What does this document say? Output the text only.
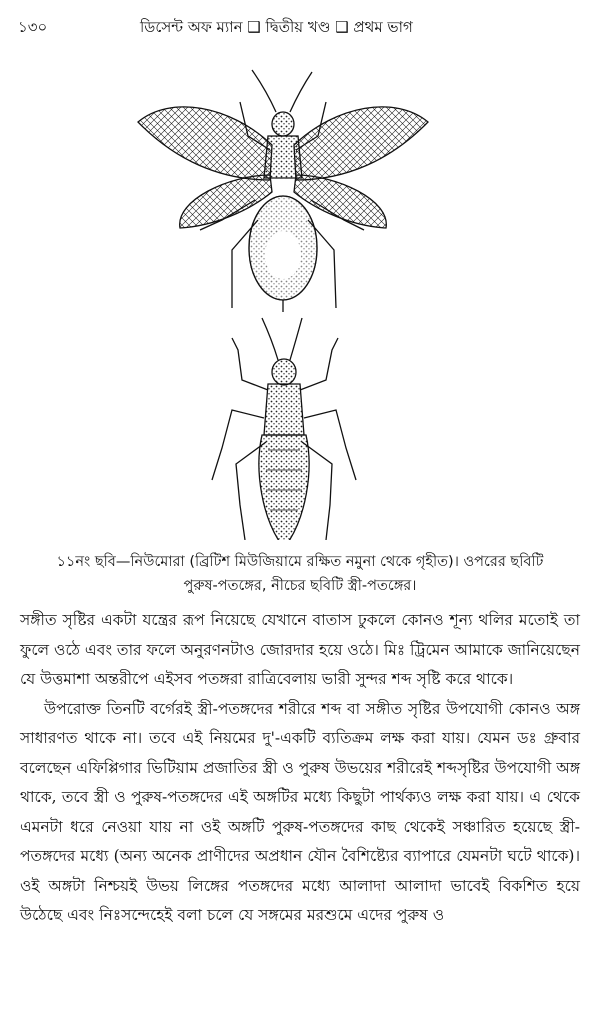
১৩০	ডিসেন্ট অফ ম্যান ❑ দ্বিতীয় খণ্ড ❑ প্রথম ভাগ
১১নং ছবি—নিউমোরা (ব্রিটিশ মিউজিয়ামে রক্ষিত নমুনা থেকে গৃহীত)। ওপরের ছবিটি
পুরুষ-পতঙ্গের, নীচের ছবিটি স্ত্রী-পতঙ্গের।

সঙ্গীত সৃষ্টির একটা যন্ত্রের রূপ নিয়েছে যেখানে বাতাস ঢুকলে কোনও শূন্য থলির মতোই তা ফুলে ওঠে এবং তার ফলে অনুরণনটাও জোরদার হয়ে ওঠে। মিঃ ট্রিমেন আমাকে জানিয়েছেন যে উত্তমাশা অন্তরীপে এইসব পতঙ্গরা রাত্রিবেলায় ভারী সুন্দর শব্দ সৃষ্টি করে থাকে।

উপরোক্ত তিনটি বর্গেরই স্ত্রী-পতঙ্গদের শরীরে শব্দ বা সঙ্গীত সৃষ্টির উপযোগী কোনও অঙ্গ সাধারণত থাকে না। তবে এই নিয়মের দু'-একটি ব্যতিক্রম লক্ষ করা যায়। যেমন ডঃ গ্রুবার বলেছেন এফিপ্পিগার ভিটিয়াম প্রজাতির স্ত্রী ও পুরুষ উভয়ের শরীরেই শব্দসৃষ্টির উপযোগী অঙ্গ থাকে, তবে স্ত্রী ও পুরুষ-পতঙ্গদের এই অঙ্গটির মধ্যে কিছুটা পার্থক্যও লক্ষ করা যায়। এ থেকে এমনটা ধরে নেওয়া যায় না ওই অঙ্গটি পুরুষ-পতঙ্গদের কাছ থেকেই সঞ্চারিত হয়েছে স্ত্রী-পতঙ্গদের মধ্যে (অন্য অনেক প্রাণীদের অপ্রধান যৌন বৈশিষ্ট্যের ব্যাপারে যেমনটা ঘটে থাকে)। ওই অঙ্গটা নিশ্চয়ই উভয় লিঙ্গের পতঙ্গদের মধ্যে আলাদা আলাদা ভাবেই বিকশিত হয়ে উঠেছে এবং নিঃসন্দেহেই বলা চলে যে সঙ্গমের মরশুমে এদের পুরুষ ও
